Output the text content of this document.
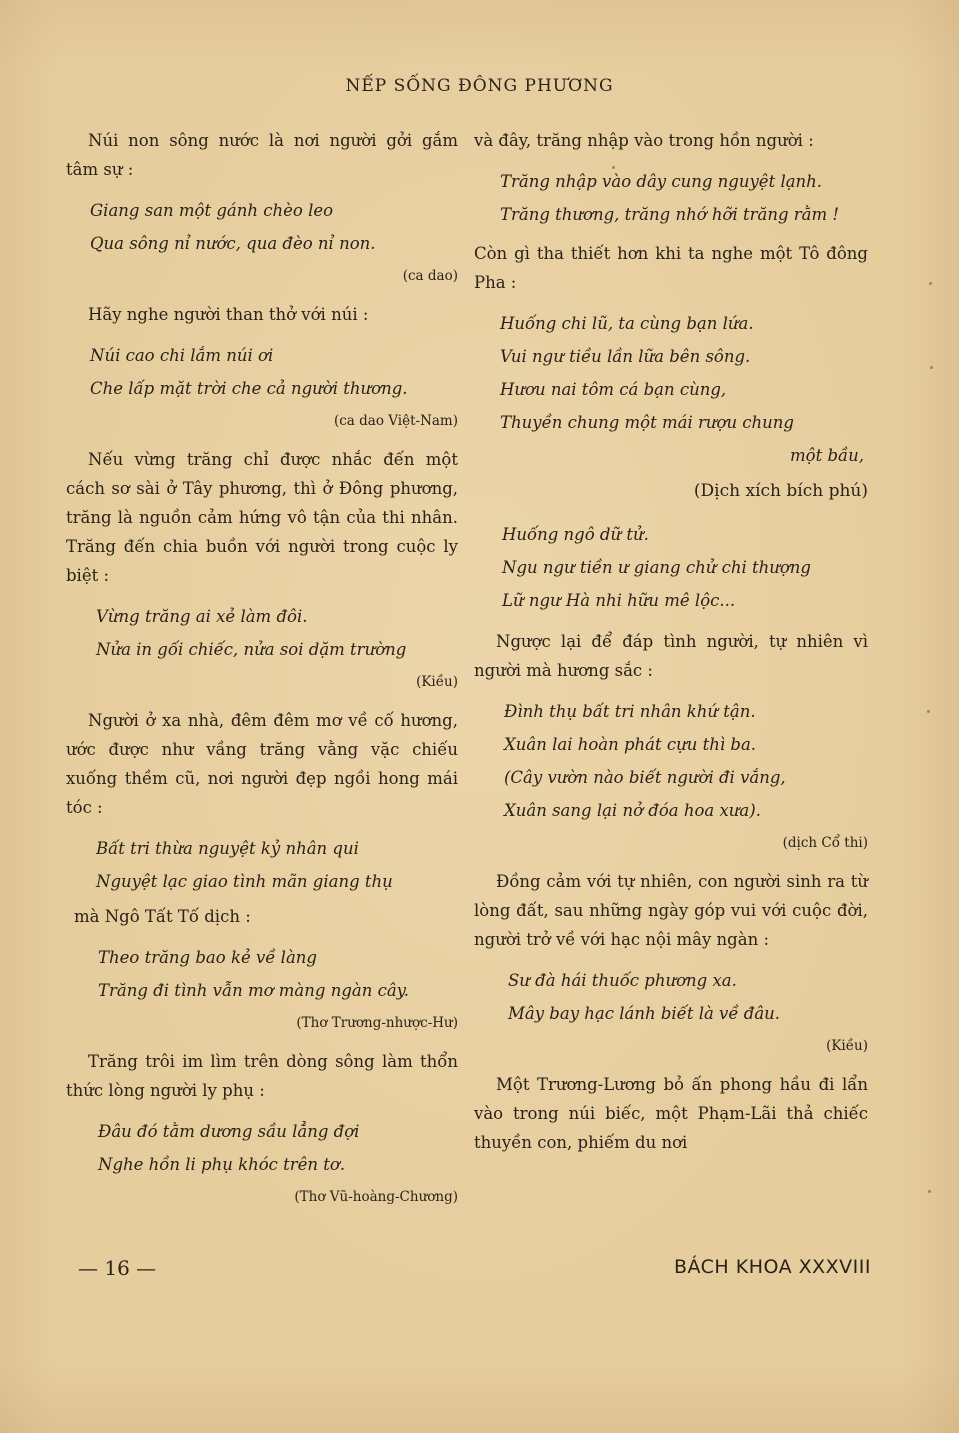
NẾP SỐNG ĐÔNG PHƯƠNG

Núi non sông nước là nơi người gởi gắm tâm sự :

Giang san một gánh chèo leo
Qua sông nỉ nước, qua đèo nỉ non.
(ca dao)

Hãy nghe người than thở với núi :

Núi cao chi lắm núi ơi
Che lấp mặt trời che cả người thương.
(ca dao Việt-Nam)

Nếu vừng trăng chỉ được nhắc đến một cách sơ sài ở Tây phương, thì ở Đông phương, trăng là nguồn cảm hứng vô tận của thi nhân. Trăng đến chia buồn với người trong cuộc ly biệt :

Vừng trăng ai xẻ làm đôi.
Nửa in gối chiếc, nửa soi dặm trường
(Kiều)

Người ở xa nhà, đêm đêm mơ về cố hương, ước được như vầng trăng vằng vặc chiếu xuống thềm cũ, nơi người đẹp ngồi hong mái tóc :

Bất tri thừa nguyệt kỷ nhân qui
Nguyệt lạc giao tình mãn giang thụ

mà Ngô Tất Tố dịch :

Theo trăng bao kẻ về làng
Trăng đi tình vẫn mơ màng ngàn cây.
(Thơ Trương-nhược-Hư)

Trăng trôi im lìm trên dòng sông làm thổn thức lòng người ly phụ :

Đâu đó tằm dương sầu lẳng đợi
Nghe hồn li phụ khóc trên tơ.
(Thơ Vũ-hoàng-Chương)

và đây, trăng nhập vào trong hồn người :

Trăng nhập vào dây cung nguyệt lạnh.
Trăng thương, trăng nhớ hỡi trăng rằm !

Còn gì tha thiết hơn khi ta nghe một Tô đông Pha :

Huống chi lũ, ta cùng bạn lứa.
Vui ngư tiều lần lữa bên sông.
Hươu nai tôm cá bạn cùng,
Thuyền chung một mái rượu chung
một bầu,
(Dịch xích bích phú)
Huống ngô dữ tử.
Ngu ngư tiền ư giang chử chi thượng
Lữ ngư Hà nhi hữu mê lộc...

Ngược lại để đáp tình người, tự nhiên vì người mà hương sắc :

Đình thụ bất tri nhân khứ tận.
Xuân lai hoàn phát cựu thì ba.
(Cây vườn nào biết người đi vắng,
Xuân sang lại nở đóa hoa xưa).
(dịch Cổ thi)

Đồng cảm với tự nhiên, con người sinh ra từ lòng đất, sau những ngày góp vui với cuộc đời, người trở về với hạc nội mây ngàn :

Sư đà hái thuốc phương xa.
Mây bay hạc lánh biết là về đâu.
(Kiều)

Một Trương-Lương bỏ ấn phong hầu đi lẩn vào trong núi biếc, một Phạm-Lãi thả chiếc thuyền con, phiếm du nơi

— 16 —	BÁCH KHOA XXXVIII
